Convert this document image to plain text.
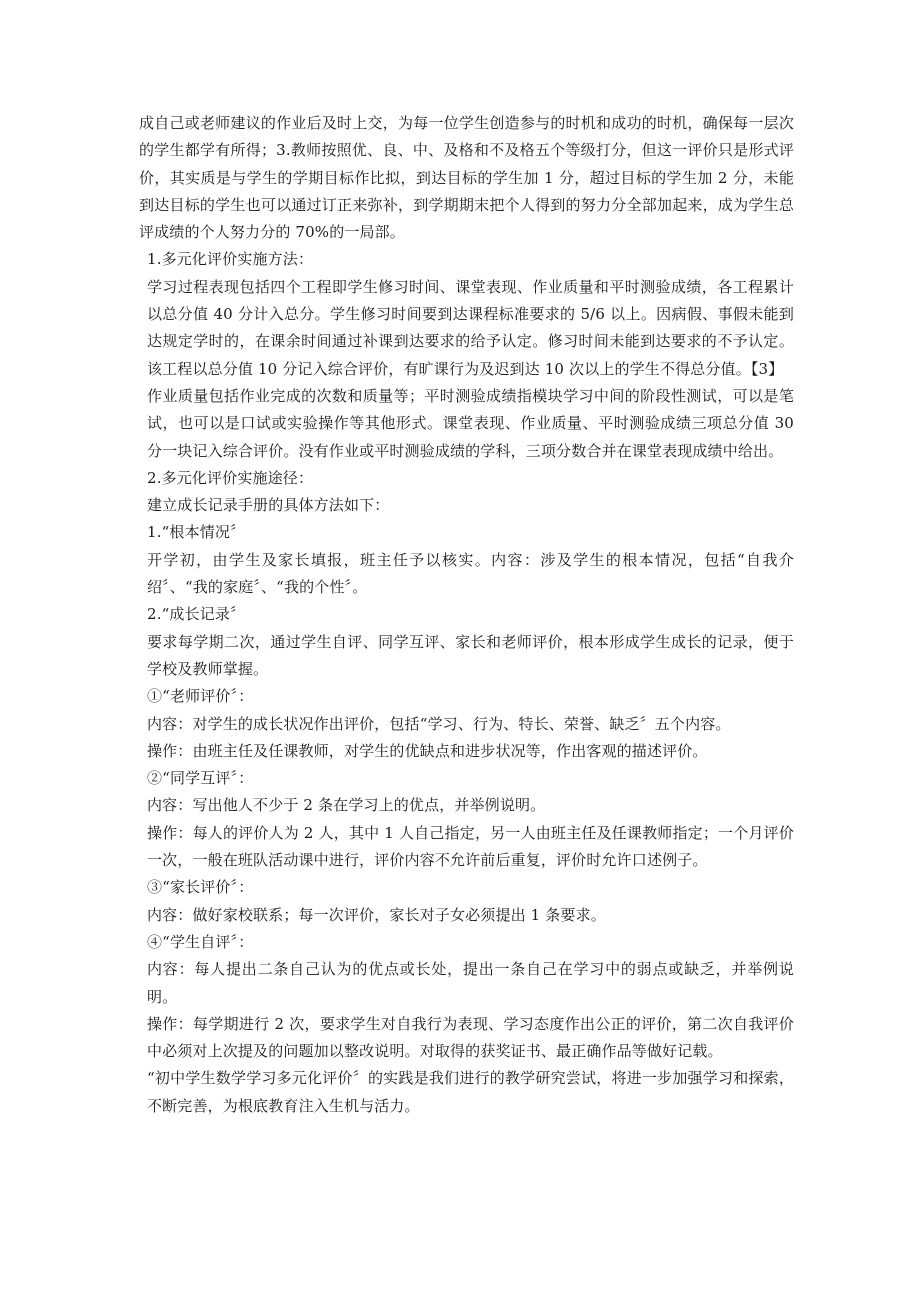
成自己或老师建议的作业后及时上交，为每一位学生创造参与的时机和成功的时机，确保每一层次的学生都学有所得；3.教师按照优、良、中、及格和不及格五个等级打分，但这一评价只是形式评价，其实质是与学生的学期目标作比拟，到达目标的学生加 1 分，超过目标的学生加 2 分，未能到达目标的学生也可以通过订正来弥补，到学期期末把个人得到的努力分全部加起来，成为学生总评成绩的个人努力分的 70%的一局部。

1.多元化评价实施方法：

学习过程表现包括四个工程即学生修习时间、课堂表现、作业质量和平时测验成绩，各工程累计以总分值 40 分计入总分。学生修习时间要到达课程标准要求的 5/6 以上。因病假、事假未能到达规定学时的，在课余时间通过补课到达要求的给予认定。修习时间未能到达要求的不予认定。该工程以总分值 10 分记入综合评价，有旷课行为及迟到达 10 次以上的学生不得总分值。【3】

作业质量包括作业完成的次数和质量等；平时测验成绩指模块学习中间的阶段性测试，可以是笔试，也可以是口试或实验操作等其他形式。课堂表现、作业质量、平时测验成绩三项总分值 30 分一块记入综合评价。没有作业或平时测验成绩的学科，三项分数合并在课堂表现成绩中给出。

2.多元化评价实施途径：

建立成长记录手册的具体方法如下：

1.“根本情况〞

开学初，由学生及家长填报，班主任予以核实。内容：涉及学生的根本情况，包括“自我介绍〞、“我的家庭〞、“我的个性〞。

2.“成长记录〞

要求每学期二次，通过学生自评、同学互评、家长和老师评价，根本形成学生成长的记录，便于学校及教师掌握。

①“老师评价〞：

内容：对学生的成长状况作出评价，包括“学习、行为、特长、荣誉、缺乏〞五个内容。

操作：由班主任及任课教师，对学生的优缺点和进步状况等，作出客观的描述评价。

②“同学互评〞：

内容：写出他人不少于 2 条在学习上的优点，并举例说明。

操作：每人的评价人为 2 人，其中 1 人自己指定，另一人由班主任及任课教师指定；一个月评价一次，一般在班队活动课中进行，评价内容不允许前后重复，评价时允许口述例子。

③“家长评价〞：

内容：做好家校联系；每一次评价，家长对子女必须提出 1 条要求。

④“学生自评〞：

内容：每人提出二条自己认为的优点或长处，提出一条自己在学习中的弱点或缺乏，并举例说明。

操作：每学期进行 2 次，要求学生对自我行为表现、学习态度作出公正的评价，第二次自我评价中必须对上次提及的问题加以整改说明。对取得的获奖证书、最正确作品等做好记载。

“初中学生数学学习多元化评价〞的实践是我们进行的教学研究尝试，将进一步加强学习和探索，不断完善，为根底教育注入生机与活力。
